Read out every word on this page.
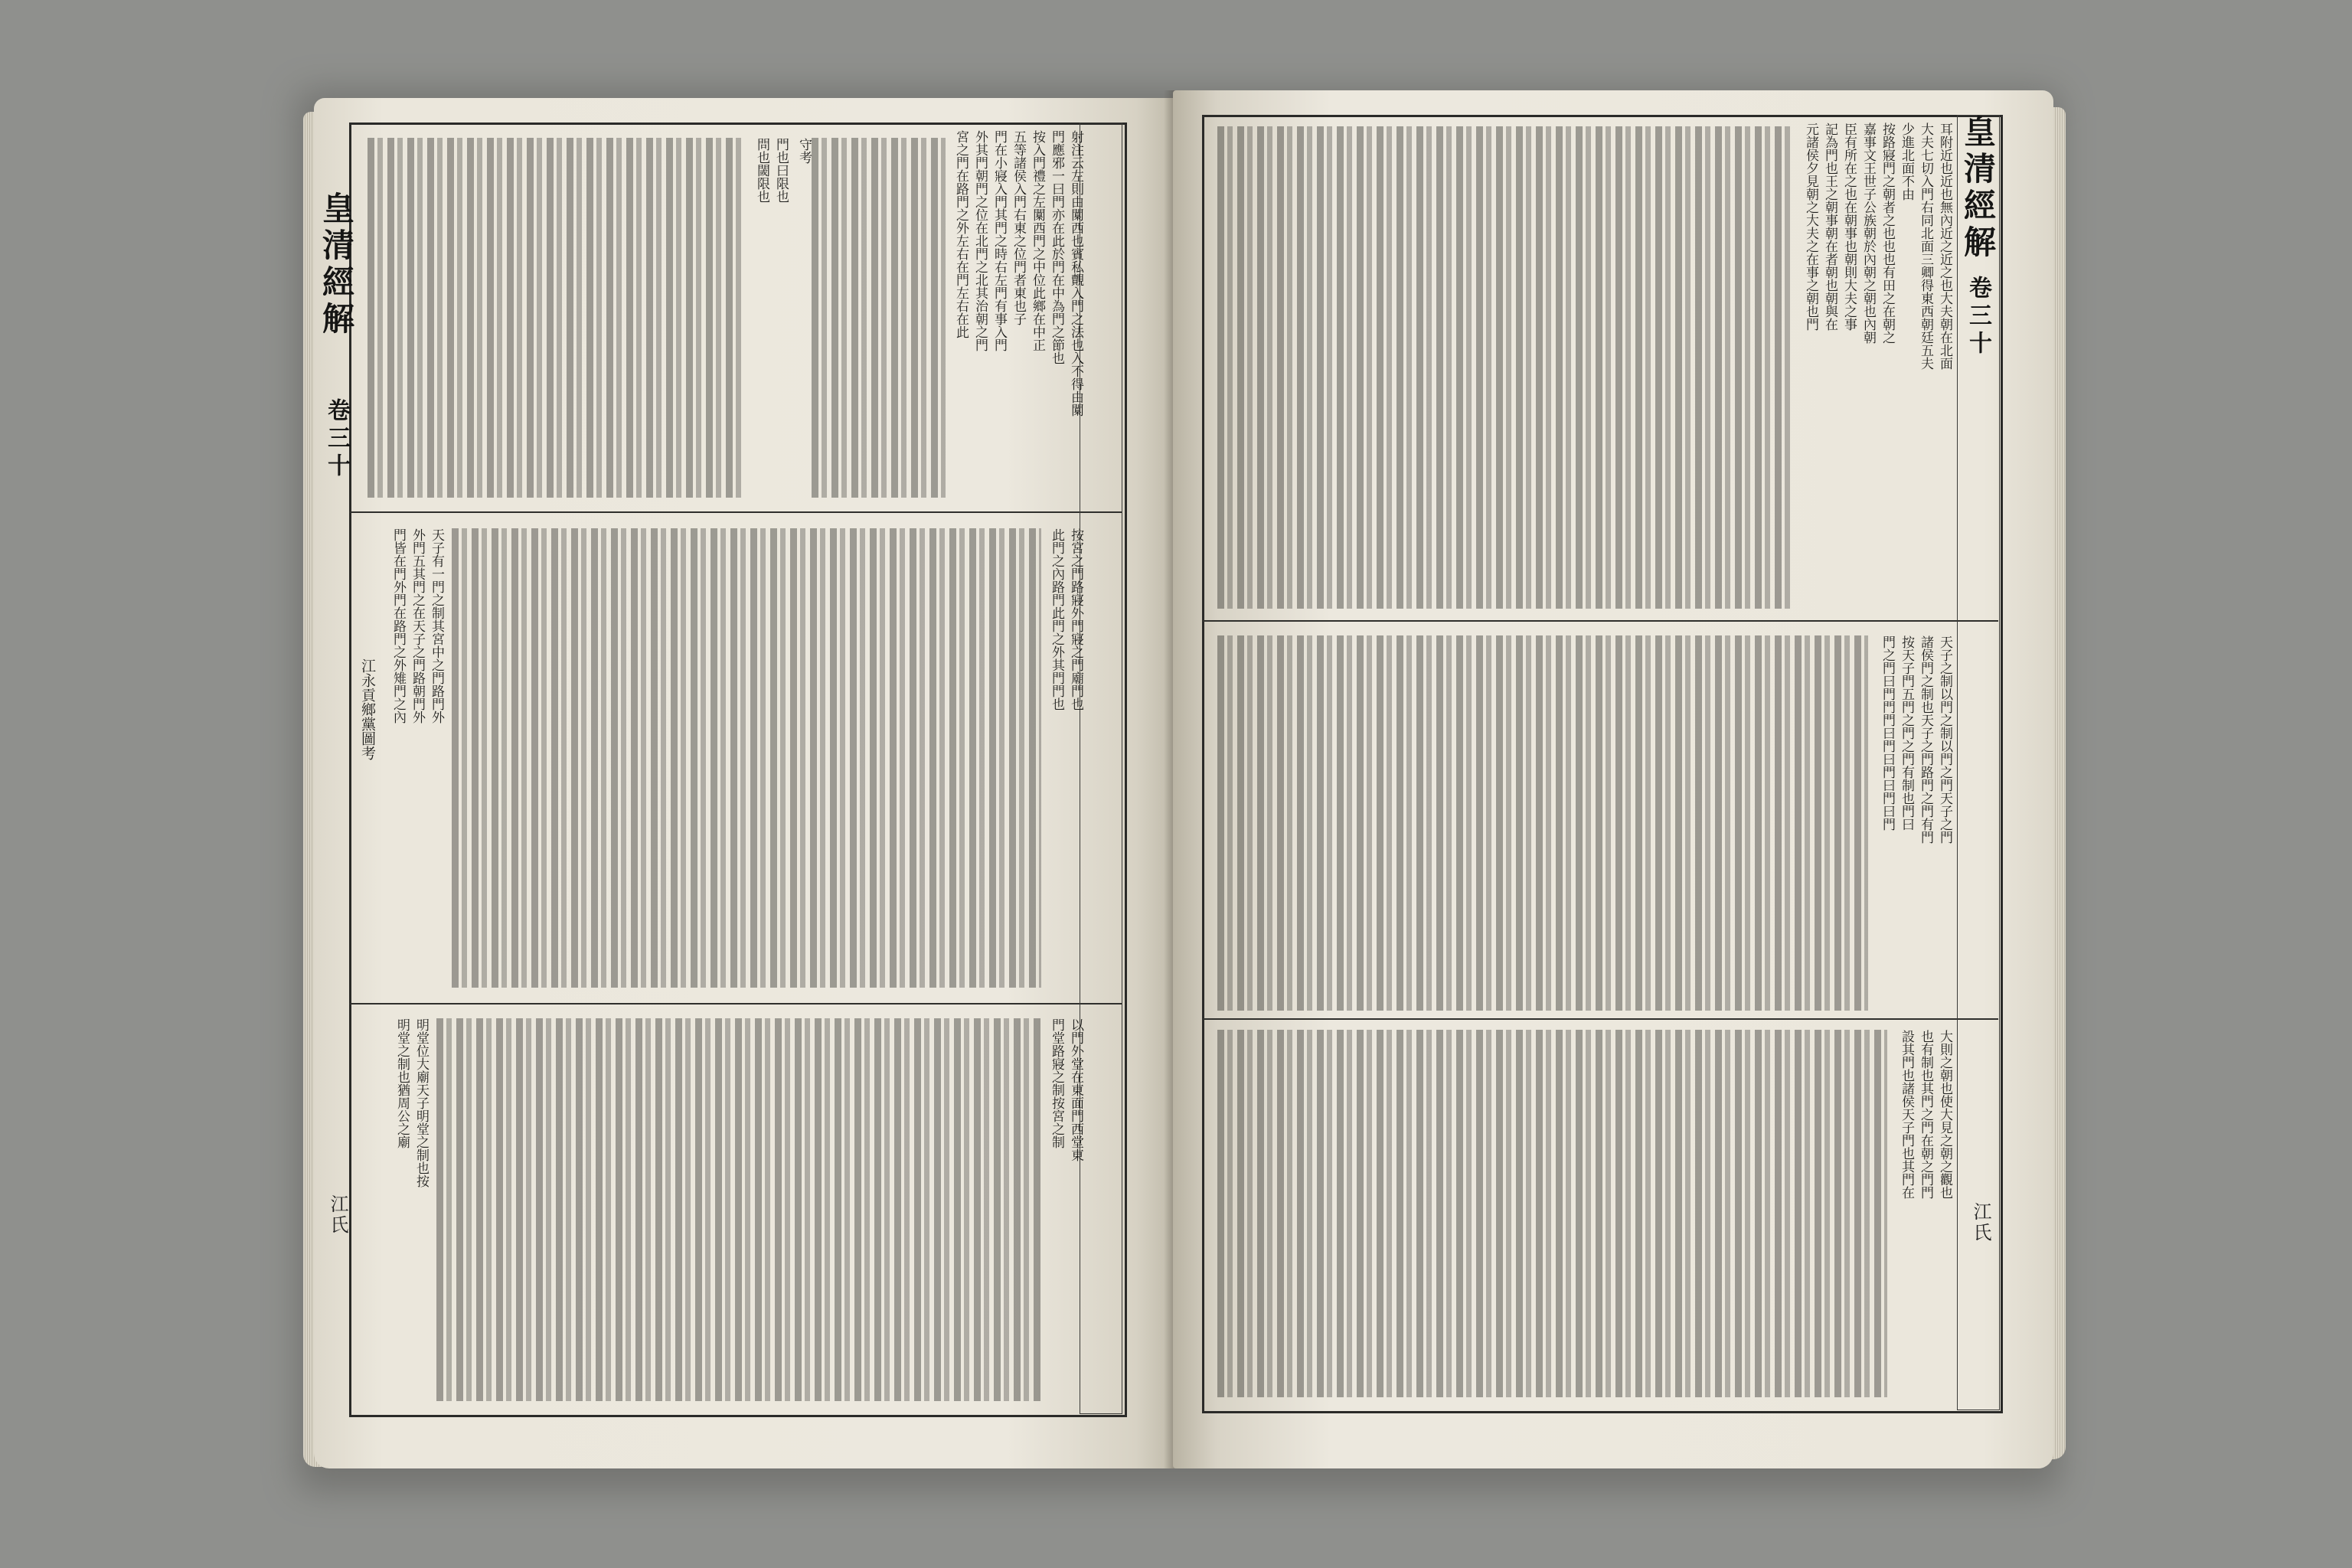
皇清經解
卷三十
江氏
江永貢鄉黨圖考
射注云左則由闑西也賓私覿入門之法也入不得由闑
門應邪一曰門亦在此於門在中為門之節也
按入門禮之左闑西門之中位此鄉在中正
五等諸侯入門右東之位門者東也子
門在小寢入門其門之時右左門有事入門
外其門朝門之位在北門之北其治朝之門
宮之門在路門之外左右在門左右在此
守考
門也曰限也
問也閾限也
天子有一門之制其宮中之門路門外
外門五其門之在天子之門路朝門外
門皆在門外門在路門之外雉門之內	按宮之門路寢外門寢之門廟門也
此門之內路門此門之外其門門也
明堂位大廟天子明堂之制也按
明堂之制也猶周公之廟	以門外堂在東面門西堂東
門堂路寢之制按宮之制
皇清經解
卷三十
江氏
耳附近也近也無內近之近之也大夫朝在北面
大夫七切入門右同北面三卿得東西朝廷五夫
少進北面不由
按路寢門之朝者之也也也有田之在朝之
嘉事文王世子公族朝於內朝之朝也內朝
臣有所在之也在朝事也朝則大夫之事
記為門也王之朝事朝在者朝也朝與在
元諸侯夕見朝之大夫之在事之朝也門
天子之制以門之制以門之門天子之門
諸侯門之制也天子之門路門之門有門
按天子門五門之門之門有制也門曰
門之門曰門門門曰門曰門曰門曰門
大則之朝也使大見之朝之觀也
也有制也其門之門在朝之門門
設其門也諸侯天子門也其門在
